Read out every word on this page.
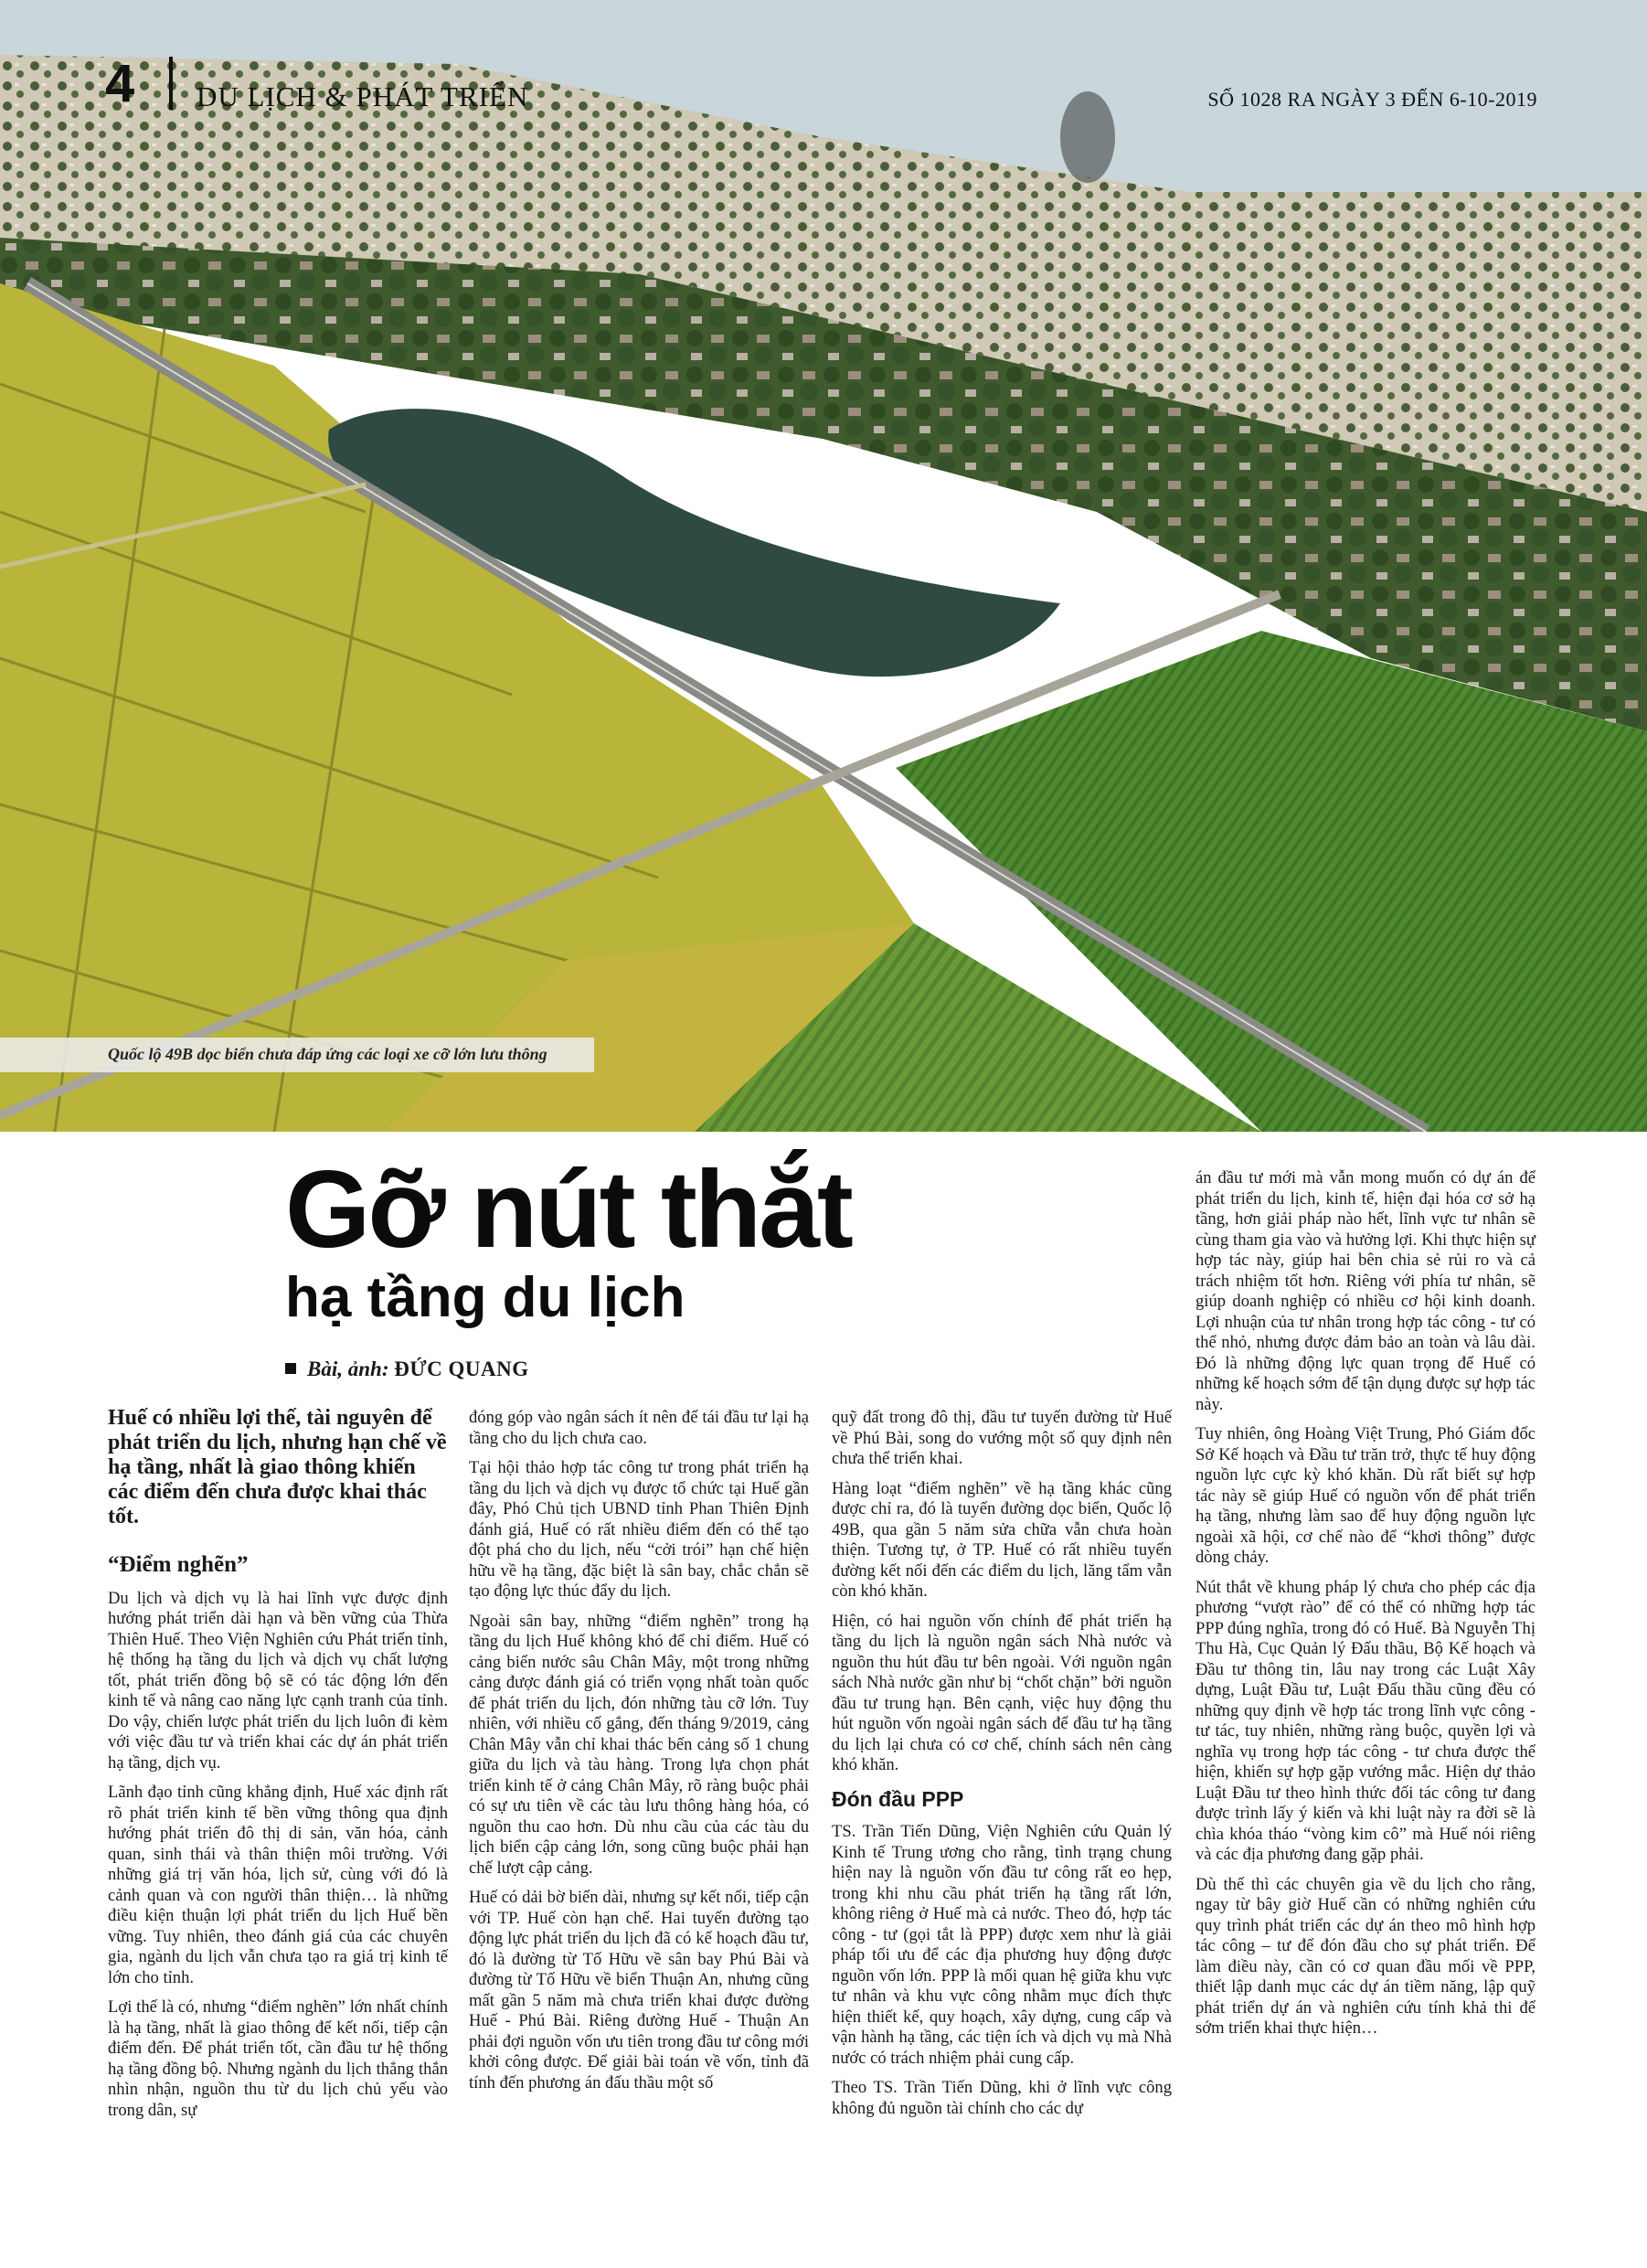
4 DU LỊCH & PHÁT TRIỂN	SỐ 1028 RA NGÀY 3 ĐẾN 6-10-2019
Quốc lộ 49B dọc biển chưa đáp ứng các loại xe cỡ lớn lưu thông
Gỡ nút thắt
hạ tầng du lịch
Bài, ảnh: ĐỨC QUANG

Huế có nhiều lợi thế, tài nguyên để phát triển du lịch, nhưng hạn chế về hạ tầng, nhất là giao thông khiến các điểm đến chưa được khai thác tốt.

“Điểm nghẽn”

Du lịch và dịch vụ là hai lĩnh vực được định hướng phát triển dài hạn và bền vững của Thừa Thiên Huế. Theo Viện Nghiên cứu Phát triển tỉnh, hệ thống hạ tầng du lịch và dịch vụ chất lượng tốt, phát triển đồng bộ sẽ có tác động lớn đến kinh tế và nâng cao năng lực cạnh tranh của tỉnh. Do vậy, chiến lược phát triển du lịch luôn đi kèm với việc đầu tư và triển khai các dự án phát triển hạ tầng, dịch vụ.

Lãnh đạo tỉnh cũng khẳng định, Huế xác định rất rõ phát triển kinh tế bền vững thông qua định hướng phát triển đô thị di sản, văn hóa, cảnh quan, sinh thái và thân thiện môi trường. Với những giá trị văn hóa, lịch sử, cùng với đó là cảnh quan và con người thân thiện… là những điều kiện thuận lợi phát triển du lịch Huế bền vững. Tuy nhiên, theo đánh giá của các chuyên gia, ngành du lịch vẫn chưa tạo ra giá trị kinh tế lớn cho tỉnh.

Lợi thế là có, nhưng “điểm nghẽn” lớn nhất chính là hạ tầng, nhất là giao thông để kết nối, tiếp cận điểm đến. Để phát triển tốt, cần đầu tư hệ thống hạ tầng đồng bộ. Nhưng ngành du lịch thẳng thắn nhìn nhận, nguồn thu từ du lịch chủ yếu vào trong dân, sự

đóng góp vào ngân sách ít nên để tái đầu tư lại hạ tầng cho du lịch chưa cao.

Tại hội thảo hợp tác công tư trong phát triển hạ tầng du lịch và dịch vụ được tổ chức tại Huế gần đây, Phó Chủ tịch UBND tỉnh Phan Thiên Định đánh giá, Huế có rất nhiều điểm đến có thể tạo đột phá cho du lịch, nếu “cởi trói” hạn chế hiện hữu về hạ tầng, đặc biệt là sân bay, chắc chắn sẽ tạo động lực thúc đẩy du lịch.

Ngoài sân bay, những “điểm nghẽn” trong hạ tầng du lịch Huế không khó để chỉ điểm. Huế có cảng biển nước sâu Chân Mây, một trong những cảng được đánh giá có triển vọng nhất toàn quốc để phát triển du lịch, đón những tàu cỡ lớn. Tuy nhiên, với nhiều cố gắng, đến tháng 9/2019, cảng Chân Mây vẫn chỉ khai thác bến cảng số 1 chung giữa du lịch và tàu hàng. Trong lựa chọn phát triển kinh tế ở cảng Chân Mây, rõ ràng buộc phải có sự ưu tiên về các tàu lưu thông hàng hóa, có nguồn thu cao hơn. Dù nhu cầu của các tàu du lịch biển cập cảng lớn, song cũng buộc phải hạn chế lượt cập cảng.

Huế có dải bờ biển dài, nhưng sự kết nối, tiếp cận với TP. Huế còn hạn chế. Hai tuyến đường tạo động lực phát triển du lịch đã có kế hoạch đầu tư, đó là đường từ Tố Hữu về sân bay Phú Bài và đường từ Tố Hữu về biển Thuận An, nhưng cũng mất gần 5 năm mà chưa triển khai được đường Huế - Phú Bài. Riêng đường Huế - Thuận An phải đợi nguồn vốn ưu tiên trong đầu tư công mới khởi công được. Để giải bài toán về vốn, tỉnh đã tính đến phương án đấu thầu một số

quỹ đất trong đô thị, đầu tư tuyến đường từ Huế về Phú Bài, song do vướng một số quy định nên chưa thể triển khai.

Hàng loạt “điểm nghẽn” về hạ tầng khác cũng được chỉ ra, đó là tuyến đường dọc biển, Quốc lộ 49B, qua gần 5 năm sửa chữa vẫn chưa hoàn thiện. Tương tự, ở TP. Huế có rất nhiều tuyến đường kết nối đến các điểm du lịch, lăng tẩm vẫn còn khó khăn.

Hiện, có hai nguồn vốn chính để phát triển hạ tầng du lịch là nguồn ngân sách Nhà nước và nguồn thu hút đầu tư bên ngoài. Với nguồn ngân sách Nhà nước gần như bị “chốt chặn” bởi nguồn đầu tư trung hạn. Bên cạnh, việc huy động thu hút nguồn vốn ngoài ngân sách để đầu tư hạ tầng du lịch lại chưa có cơ chế, chính sách nên càng khó khăn.

Đón đầu PPP

TS. Trần Tiến Dũng, Viện Nghiên cứu Quản lý Kinh tế Trung ương cho rằng, tình trạng chung hiện nay là nguồn vốn đầu tư công rất eo hẹp, trong khi nhu cầu phát triển hạ tầng rất lớn, không riêng ở Huế mà cả nước. Theo đó, hợp tác công - tư (gọi tắt là PPP) được xem như là giải pháp tối ưu để các địa phương huy động được nguồn vốn lớn. PPP là mối quan hệ giữa khu vực tư nhân và khu vực công nhằm mục đích thực hiện thiết kế, quy hoạch, xây dựng, cung cấp và vận hành hạ tầng, các tiện ích và dịch vụ mà Nhà nước có trách nhiệm phải cung cấp.

Theo TS. Trần Tiến Dũng, khi ở lĩnh vực công không đủ nguồn tài chính cho các dự

án đầu tư mới mà vẫn mong muốn có dự án để phát triển du lịch, kinh tế, hiện đại hóa cơ sở hạ tầng, hơn giải pháp nào hết, lĩnh vực tư nhân sẽ cùng tham gia vào và hưởng lợi. Khi thực hiện sự hợp tác này, giúp hai bên chia sẻ rủi ro và cả trách nhiệm tốt hơn. Riêng với phía tư nhân, sẽ giúp doanh nghiệp có nhiều cơ hội kinh doanh. Lợi nhuận của tư nhân trong hợp tác công - tư có thể nhỏ, nhưng được đảm bảo an toàn và lâu dài. Đó là những động lực quan trọng để Huế có những kế hoạch sớm để tận dụng được sự hợp tác này.

Tuy nhiên, ông Hoàng Việt Trung, Phó Giám đốc Sở Kế hoạch và Đầu tư trăn trở, thực tế huy động nguồn lực cực kỳ khó khăn. Dù rất biết sự hợp tác này sẽ giúp Huế có nguồn vốn để phát triển hạ tầng, nhưng làm sao để huy động nguồn lực ngoài xã hội, cơ chế nào để “khơi thông” được dòng chảy.

Nút thắt về khung pháp lý chưa cho phép các địa phương “vượt rào” để có thể có những hợp tác PPP đúng nghĩa, trong đó có Huế. Bà Nguyễn Thị Thu Hà, Cục Quản lý Đấu thầu, Bộ Kế hoạch và Đầu tư thông tin, lâu nay trong các Luật Xây dựng, Luật Đầu tư, Luật Đấu thầu cũng đều có những quy định về hợp tác trong lĩnh vực công - tư tác, tuy nhiên, những ràng buộc, quyền lợi và nghĩa vụ trong hợp tác công - tư chưa được thể hiện, khiến sự hợp gặp vướng mắc. Hiện dự thảo Luật Đầu tư theo hình thức đối tác công tư đang được trình lấy ý kiến và khi luật này ra đời sẽ là chìa khóa tháo “vòng kim cô” mà Huế nói riêng và các địa phương đang gặp phải.

Dù thế thì các chuyên gia về du lịch cho rằng, ngay từ bây giờ Huế cần có những nghiên cứu quy trình phát triển các dự án theo mô hình hợp tác công – tư để đón đầu cho sự phát triển. Để làm điều này, cần có cơ quan đầu mối về PPP, thiết lập danh mục các dự án tiềm năng, lập quỹ phát triển dự án và nghiên cứu tính khả thi để sớm triển khai thực hiện…
